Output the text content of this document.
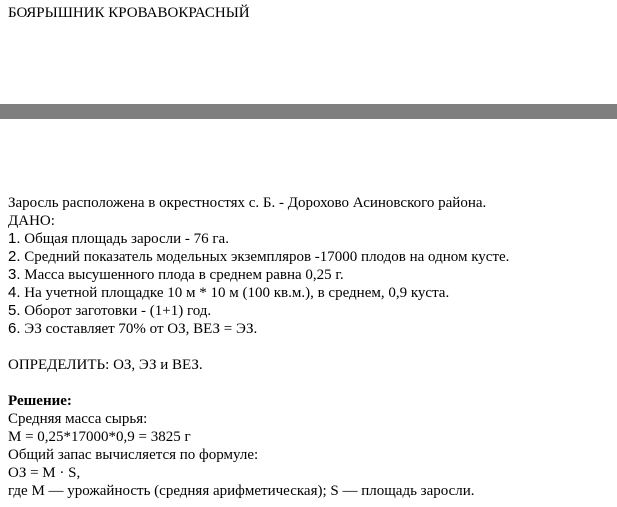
БОЯРЫШНИК КРОВАВОКРАСНЫЙ
Заросль расположена в окрестностях с. Б. - Дорохово Асиновского района.
ДАНО:
1. Общая площадь заросли - 76 га.
2. Средний показатель модельных экземпляров -17000 плодов на одном кусте.
3. Масса высушенного плода в среднем равна 0,25 г.
4. На учетной площадке 10 м * 10 м (100 кв.м.), в среднем, 0,9 куста.
5. Оборот заготовки - (1+1) год.
6. ЭЗ составляет 70% от ОЗ, ВЕЗ = ЭЗ.
ОПРЕДЕЛИТЬ: ОЗ, ЭЗ и ВЕЗ.
Решение:
Средняя масса сырья:
М = 0,25*17000*0,9 = 3825 г
Общий запас вычисляется по формуле:
ОЗ = М · S,
где М — урожайность (средняя арифметическая); S — площадь заросли.
